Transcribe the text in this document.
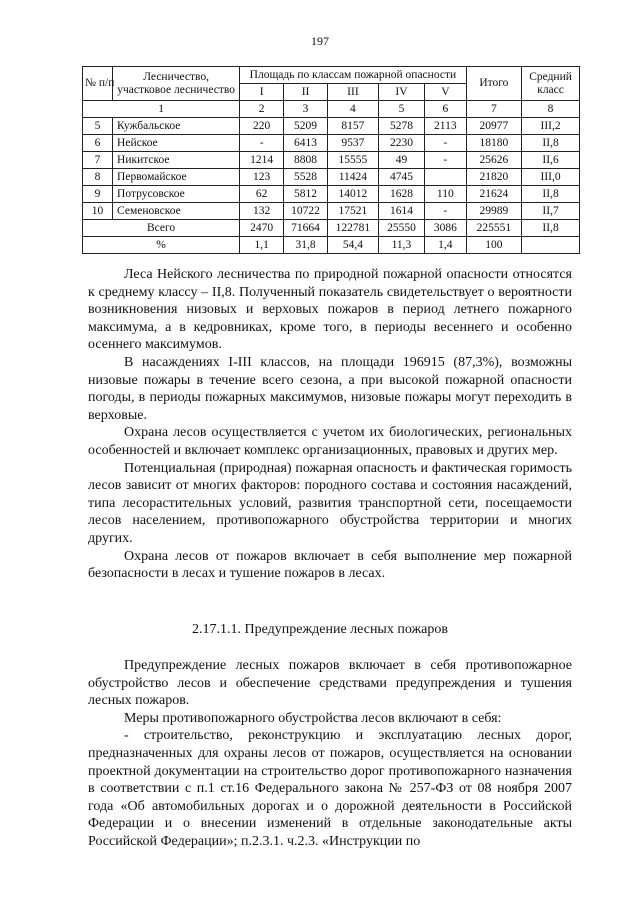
197
№ п/п	Лесничество, участковое лесничество	Площадь по классам пожарной опасности					Итого	Средний класс
		I	II	III	IV	V		
1		2	3	4	5	6	7	8
5	Кужбальское	220	5209	8157	5278	2113	20977	III,2
6	Нейское	-	6413	9537	2230	-	18180	II,8
7	Никитское	1214	8808	15555	49	-	25626	II,6
8	Первомайское	123	5528	11424	4745		21820	III,0
9	Потрусовское	62	5812	14012	1628	110	21624	II,8
10	Семеновское	132	10722	17521	1614	-	29989	II,7
Всего		2470	71664	122781	25550	3086	225551	II,8
%		1,1	31,8	54,4	11,3	1,4	100	

Леса Нейского лесничества по природной пожарной опасности относятся к среднему классу – II,8. Полученный показатель свидетельствует о вероятности возникновения низовых и верховых пожаров в период летнего пожарного максимума, а в кедровниках, кроме того, в периоды весеннего и особенно осеннего максимумов.

В насаждениях I-III классов, на площади 196915 (87,3%), возможны низовые пожары в течение всего сезона, а при высокой пожарной опасности погоды, в периоды пожарных максимумов, низовые пожары могут переходить в верховые.

Охрана лесов осуществляется с учетом их биологических, региональных особенностей и включает комплекс организационных, правовых и других мер.

Потенциальная (природная) пожарная опасность и фактическая горимость лесов зависит от многих факторов: породного состава и состояния насаждений, типа лесорастительных условий, развития транспортной сети, посещаемости лесов населением, противопожарного обустройства территории и многих других.

Охрана лесов от пожаров включает в себя выполнение мер пожарной безопасности в лесах и тушение пожаров в лесах.

2.17.1.1. Предупреждение лесных пожаров

Предупреждение лесных пожаров включает в себя противопожарное обустройство лесов и обеспечение средствами предупреждения и тушения лесных пожаров.

Меры противопожарного обустройства лесов включают в себя:

- строительство, реконструкцию и эксплуатацию лесных дорог, предназначенных для охраны лесов от пожаров, осуществляется на основании проектной документации на строительство дорог противопожарного назначения в соответствии с п.1 ст.16 Федерального закона № 257-ФЗ от 08 ноября 2007 года «Об автомобильных дорогах и о дорожной деятельности в Российской Федерации и о внесении изменений в отдельные законодательные акты Российской Федерации»; п.2.3.1. ч.2.3. «Инструкции по
